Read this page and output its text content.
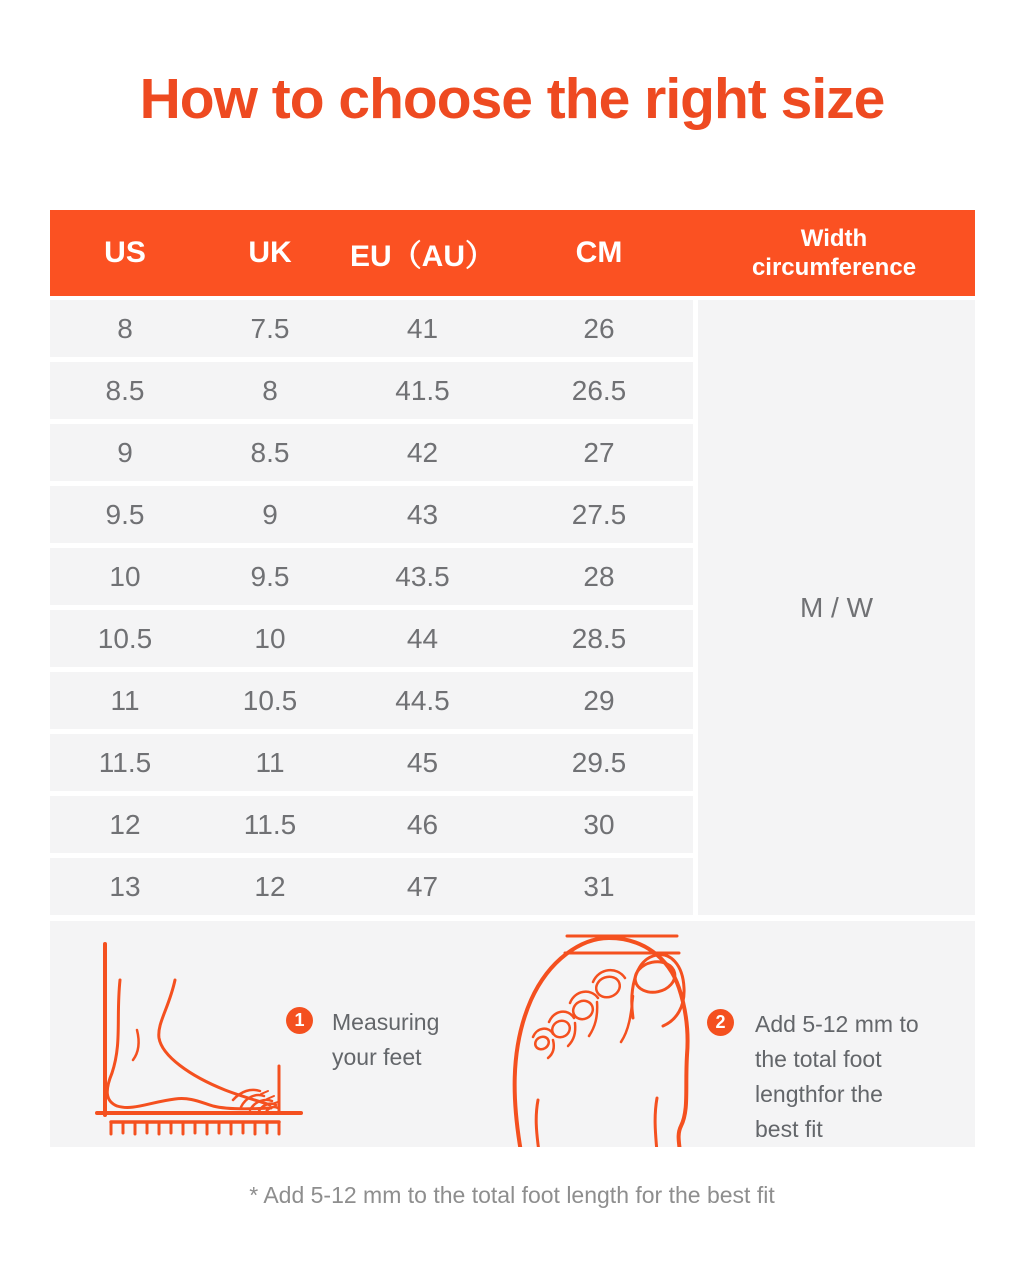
How to choose the right size
US	UK	EU（AU）	CM	Width circumference
8	7.5	41	26
8.5	8	41.5	26.5
9	8.5	42	27
9.5	9	43	27.5
10	9.5	43.5	28
10.5	10	44	28.5
11	10.5	44.5	29
11.5	11	45	29.5
12	11.5	46	30
13	12	47	31
M / W
1 Measuring
your feet
2 Add 5-12 mm to
the total foot
lengthfor the
best fit
* Add 5-12 mm to the total foot length for the best fit
